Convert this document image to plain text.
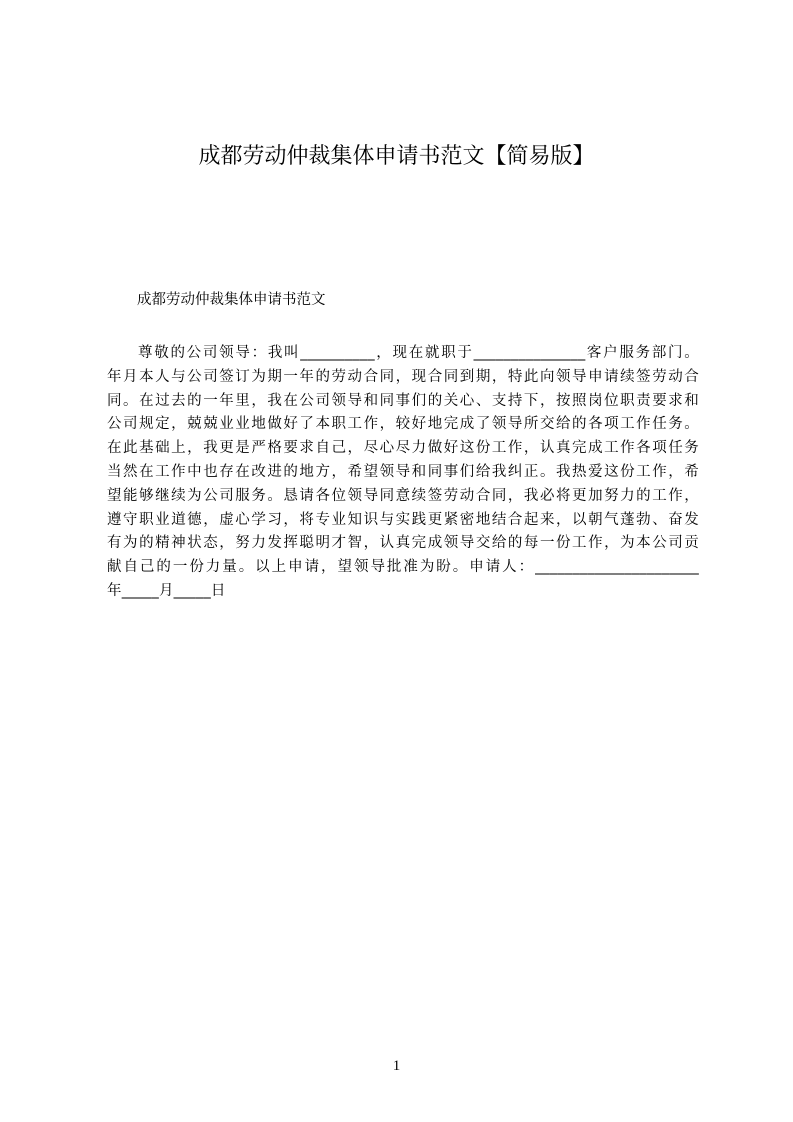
成都劳动仲裁集体申请书范文【简易版】

成都劳动仲裁集体申请书范文

尊敬的公司领导：我叫__________，现在就职于_______________客户服务部门。
年月本人与公司签订为期一年的劳动合同，现合同到期，特此向领导申请续签劳动合
同。在过去的一年里，我在公司领导和同事们的关心、支持下，按照岗位职责要求和
公司规定，兢兢业业地做好了本职工作，较好地完成了领导所交给的各项工作任务。
在此基础上，我更是严格要求自己，尽心尽力做好这份工作，认真完成工作各项任务
当然在工作中也存在改进的地方，希望领导和同事们给我纠正。我热爱这份工作，希
望能够继续为公司服务。恳请各位领导同意续签劳动合同，我必将更加努力的工作，
遵守职业道德，虚心学习，将专业知识与实践更紧密地结合起来，以朝气蓬勃、奋发
有为的精神状态，努力发挥聪明才智，认真完成领导交给的每一份工作，为本公司贡
献自己的一份力量。以上申请，望领导批准为盼。申请人：______________________
年_____月_____日
1
